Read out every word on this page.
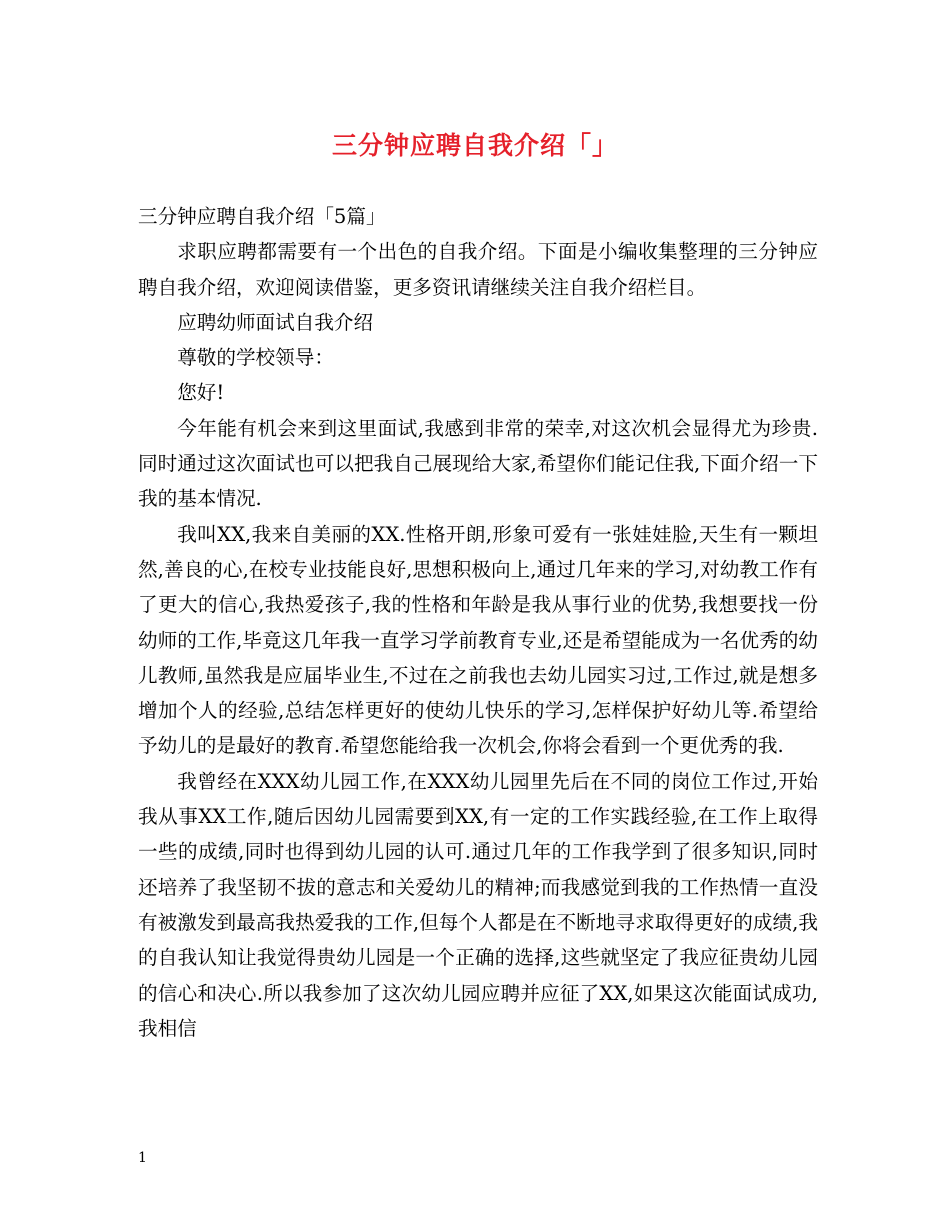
三分钟应聘自我介绍「」

三分钟应聘自我介绍「5篇」

求职应聘都需要有一个出色的自我介绍。下面是小编收集整理的三分钟应聘自我介绍，欢迎阅读借鉴，更多资讯请继续关注自我介绍栏目。

应聘幼师面试自我介绍

尊敬的学校领导：

您好!

今年能有机会来到这里面试,我感到非常的荣幸,对这次机会显得尤为珍贵.同时通过这次面试也可以把我自己展现给大家,希望你们能记住我,下面介绍一下我的基本情况.

我叫XX,我来自美丽的XX.性格开朗,形象可爱有一张娃娃脸,天生有一颗坦然,善良的心,在校专业技能良好,思想积极向上,通过几年来的学习,对幼教工作有了更大的信心,我热爱孩子,我的性格和年龄是我从事行业的优势,我想要找一份幼师的工作,毕竟这几年我一直学习学前教育专业,还是希望能成为一名优秀的幼儿教师,虽然我是应届毕业生,不过在之前我也去幼儿园实习过,工作过,就是想多增加个人的经验,总结怎样更好的使幼儿快乐的学习,怎样保护好幼儿等.希望给予幼儿的是最好的教育.希望您能给我一次机会,你将会看到一个更优秀的我.

我曾经在XXX幼儿园工作,在XXX幼儿园里先后在不同的岗位工作过,开始我从事XX工作,随后因幼儿园需要到XX,有一定的工作实践经验,在工作上取得一些的成绩,同时也得到幼儿园的认可.通过几年的工作我学到了很多知识,同时还培养了我坚韧不拔的意志和关爱幼儿的精神;而我感觉到我的工作热情一直没有被激发到最高我热爱我的工作,但每个人都是在不断地寻求取得更好的成绩,我的自我认知让我觉得贵幼儿园是一个正确的选择,这些就坚定了我应征贵幼儿园的信心和决心.所以我参加了这次幼儿园应聘并应征了XX,如果这次能面试成功,我相信

1
